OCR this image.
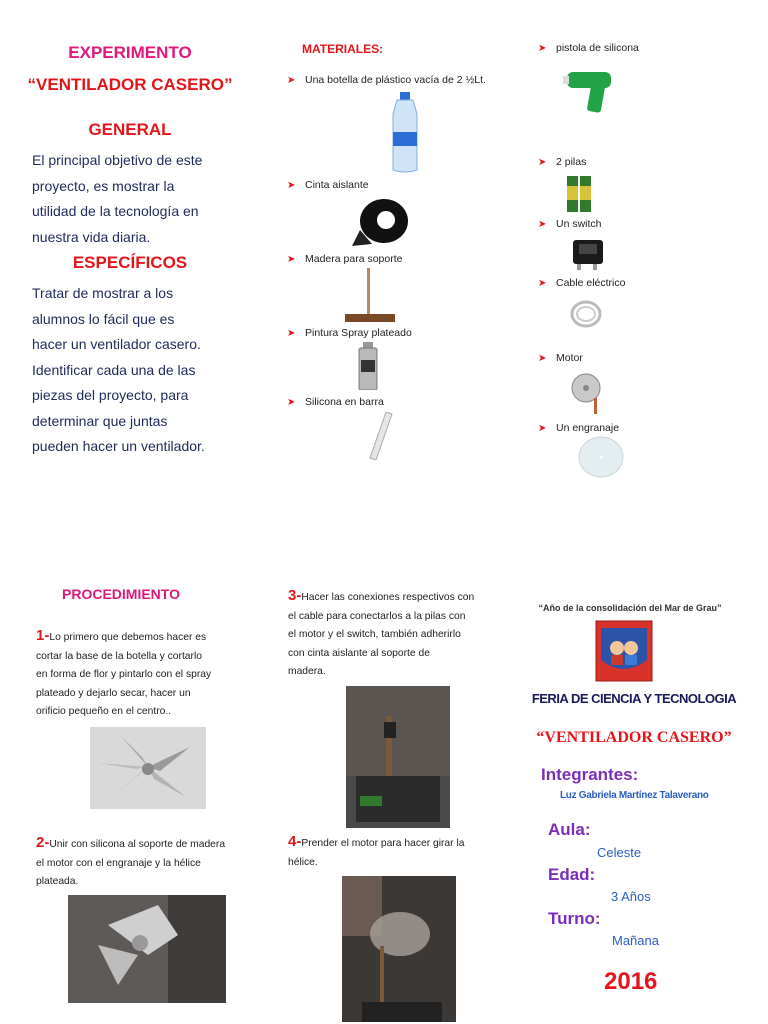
EXPERIMENTO
“VENTILADOR CASERO”
GENERAL
El principal objetivo de este
proyecto, es mostrar la
utilidad de la tecnología en
nuestra vida diaria.
ESPECÍFICOS
Tratar de mostrar a los
alumnos lo fácil que es
hacer un ventilador casero.
Identificar cada una de las
piezas del proyecto, para
determinar que juntas
pueden hacer un ventilador.
MATERIALES:
➤ Una botella de plástico vacía de 2 ½Lt.
➤ Cinta aislante
➤ Madera para soporte
➤ Pintura Spray plateado
➤ Silicona en barra
➤ pistola de silicona
➤ 2 pilas
➤ Un switch
➤ Cable eléctrico
➤ Motor
➤ Un engranaje
PROCEDIMIENTO
1-Lo primero que debemos hacer es
cortar la base de la botella y cortarlo
en forma de flor y pintarlo con el spray
plateado y dejarlo secar, hacer un
orificio pequeño en el centro..
2-Unir con silicona al soporte de madera
el motor con el engranaje y la hélice
plateada.
3-Hacer las conexiones respectivos con
el cable para conectarlos a la pilas con
el motor y el switch, también adherirlo
con cinta aislante al soporte de
madera.
4-Prender el motor para hacer girar la
hélice.
“Año de la consolidación del Mar de Grau”
FERIA DE CIENCIA Y TECNOLOGIA
“VENTILADOR CASERO”
Integrantes:
Luz Gabriela Martínez Talaverano
Aula:
Celeste
Edad:
3 Años
Turno:
Mañana
2016
